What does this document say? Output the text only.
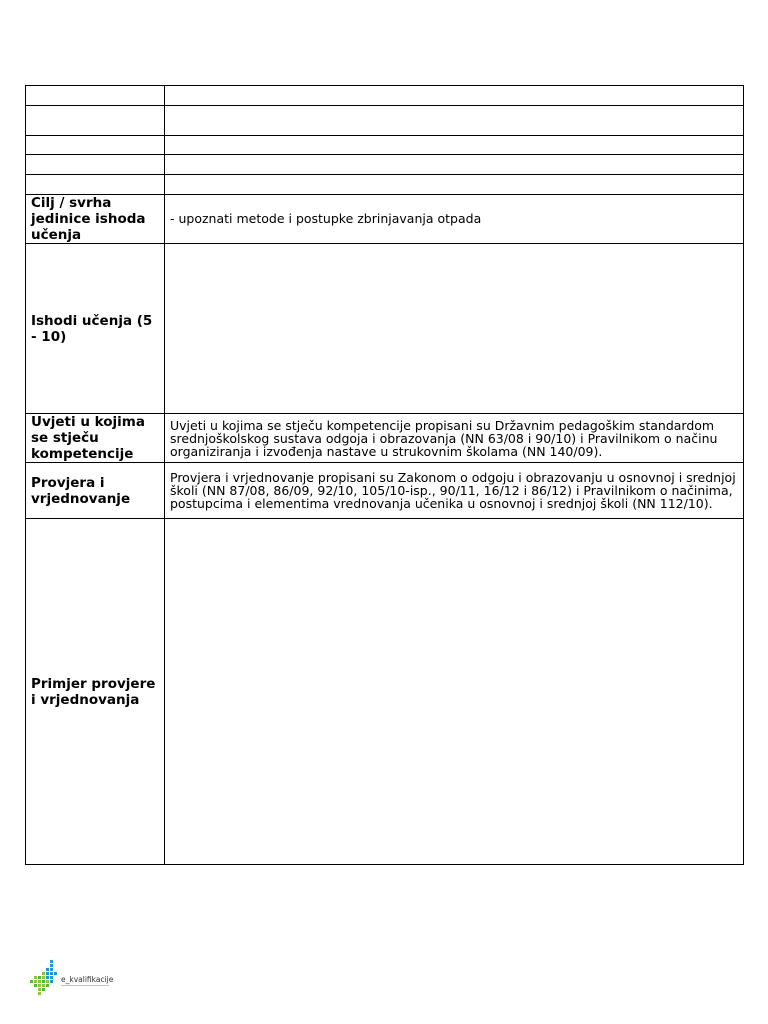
Cilj / svrha jedinice ishoda učenja	- upoznati metode i postupke zbrinjavanja otpada
Ishodi učenja (5 - 10)	
Uvjeti u kojima se stječu kompetencije	Uvjeti u kojima se stječu kompetencije propisani su Državnim pedagoškim standardom srednjoškolskog sustava odgoja i obrazovanja (NN 63/08 i 90/10) i Pravilnikom o načinu organiziranja i izvođenja nastave u strukovnim školama (NN 140/09).
Provjera i vrjednovanje	Provjera i vrjednovanje propisani su Zakonom o odgoju i obrazovanju u osnovnoj i srednjoj školi (NN 87/08, 86/09, 92/10, 105/10-isp., 90/11, 16/12 i 86/12) i Pravilnikom o načinima, postupcima i elementima vrednovanja učenika u osnovnoj i srednjoj školi (NN 112/10).
Primjer provjere i vrjednovanja	
e_kvalifikacije
